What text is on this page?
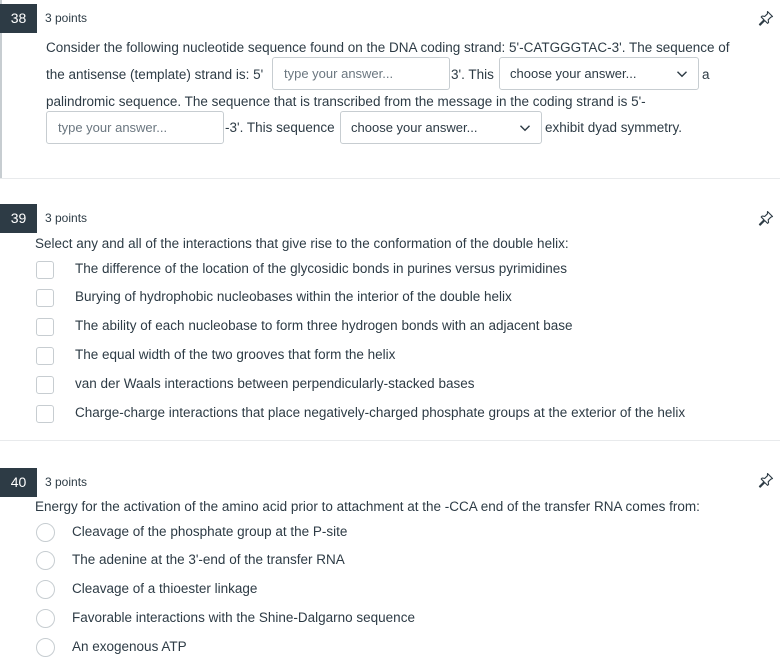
38	3 points
Consider the following nucleotide sequence found on the DNA coding strand: 5'-CATGGGTAC-3'. The sequence of
the antisense (template) strand is: 5'	type your answer...	3'. This	choose your answer...	a
palindromic sequence. The sequence that is transcribed from the message in the coding strand is 5'-
type your answer...	-3'. This sequence	choose your answer...	exhibit dyad symmetry.
39	3 points
Select any and all of the interactions that give rise to the conformation of the double helix:
The difference of the location of the glycosidic bonds in purines versus pyrimidines
Burying of hydrophobic nucleobases within the interior of the double helix
The ability of each nucleobase to form three hydrogen bonds with an adjacent base
The equal width of the two grooves that form the helix
van der Waals interactions between perpendicularly-stacked bases
Charge-charge interactions that place negatively-charged phosphate groups at the exterior of the helix
40	3 points
Energy for the activation of the amino acid prior to attachment at the -CCA end of the transfer RNA comes from:
Cleavage of the phosphate group at the P-site
The adenine at the 3'-end of the transfer RNA
Cleavage of a thioester linkage
Favorable interactions with the Shine-Dalgarno sequence
An exogenous ATP
